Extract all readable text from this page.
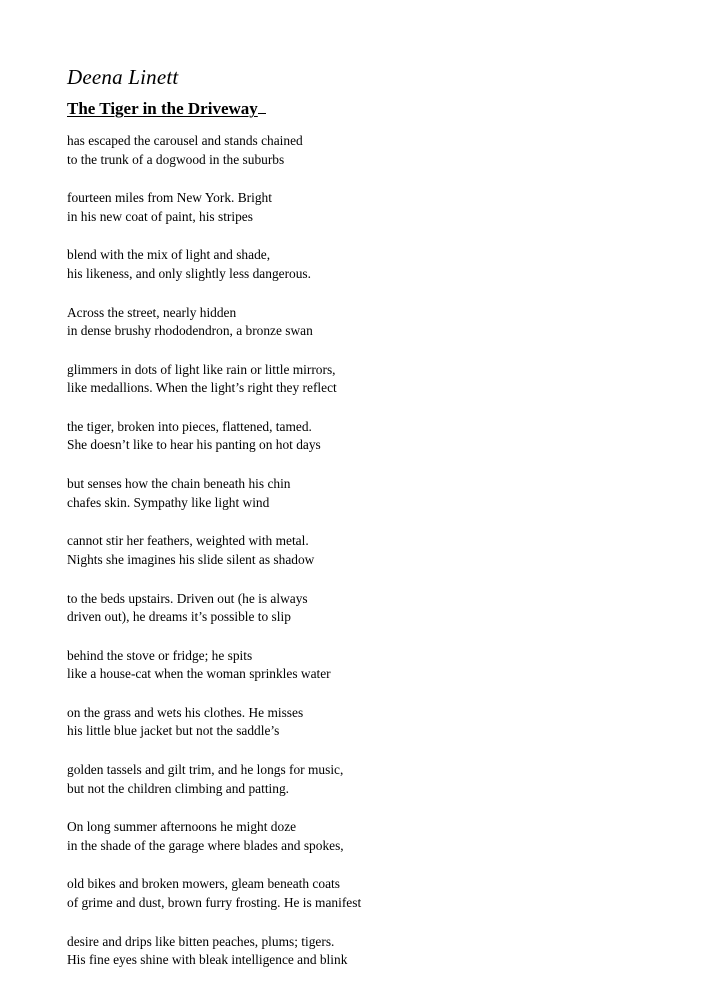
Deena Linett
The Tiger in the Driveway
has escaped the carousel and stands chained
to the trunk of a dogwood in the suburbs
fourteen miles from New York. Bright
in his new coat of paint, his stripes
blend with the mix of light and shade,
his likeness, and only slightly less dangerous.
Across the street, nearly hidden
in dense brushy rhododendron, a bronze swan
glimmers in dots of light like rain or little mirrors,
like medallions. When the light’s right they reflect
the tiger, broken into pieces, flattened, tamed.
She doesn’t like to hear his panting on hot days
but senses how the chain beneath his chin
chafes skin. Sympathy like light wind
cannot stir her feathers, weighted with metal.
Nights she imagines his slide silent as shadow
to the beds upstairs. Driven out (he is always
driven out), he dreams it’s possible to slip
behind the stove or fridge; he spits
like a house-cat when the woman sprinkles water
on the grass and wets his clothes. He misses
his little blue jacket but not the saddle’s
golden tassels and gilt trim, and he longs for music,
but not the children climbing and patting.
On long summer afternoons he might doze
in the shade of the garage where blades and spokes,
old bikes and broken mowers, gleam beneath coats
of grime and dust, brown furry frosting. He is manifest
desire and drips like bitten peaches, plums; tigers.
His fine eyes shine with bleak intelligence and blink
